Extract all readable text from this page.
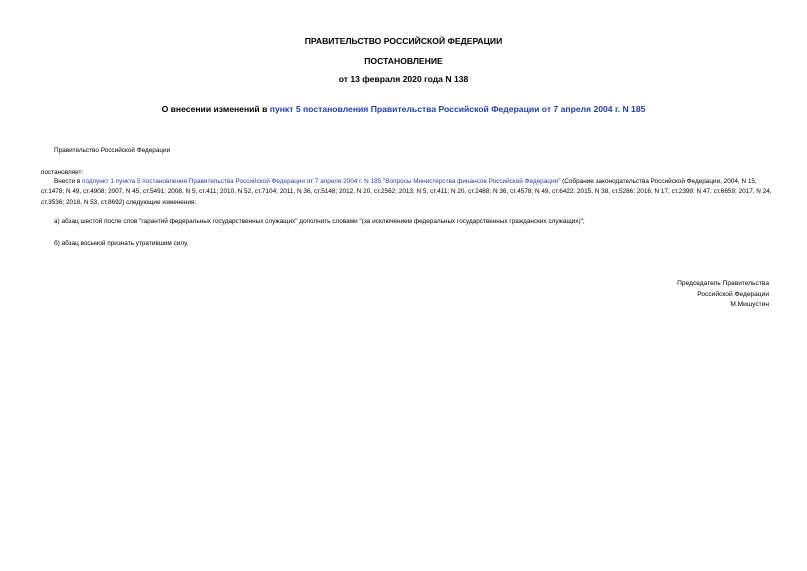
ПРАВИТЕЛЬСТВО РОССИЙСКОЙ ФЕДЕРАЦИИ
ПОСТАНОВЛЕНИЕ
от 13 февраля 2020 года N 138
О внесении изменений в пункт 5 постановления Правительства Российской Федерации от 7 апреля 2004 г. N 185
Правительство Российской Федерации
постановляет:
Внести в подпункт 1 пункта 5 постановления Правительства Российской Федерации от 7 апреля 2004 г. N 185 "Вопросы Министерства финансов Российской Федерации" (Собрание законодательства Российской Федерации, 2004, N 15, ст.1478; N 49, ст.4908; 2007, N 45, ст.5491; 2008, N 5, ст.411; 2010, N 52, ст.7104; 2011, N 36, ст.5148; 2012, N 20, ст.2562; 2013, N 5, ст.411; N 20, ст.2488; N 36, ст.4578; N 49, ст.6422; 2015, N 38, ст.5286; 2016, N 17, ст.2399; N 47, ст.6659; 2017, N 24, ст.3536; 2018, N 53, ст.8692) следующие изменения:
а) абзац шестой после слов "гарантий федеральных государственных служащих" дополнить словами "(за исключением федеральных государственных гражданских служащих)";
б) абзац восьмой признать утратившим силу.
Председатель Правительства
Российской Федерации
М.Мишустин
